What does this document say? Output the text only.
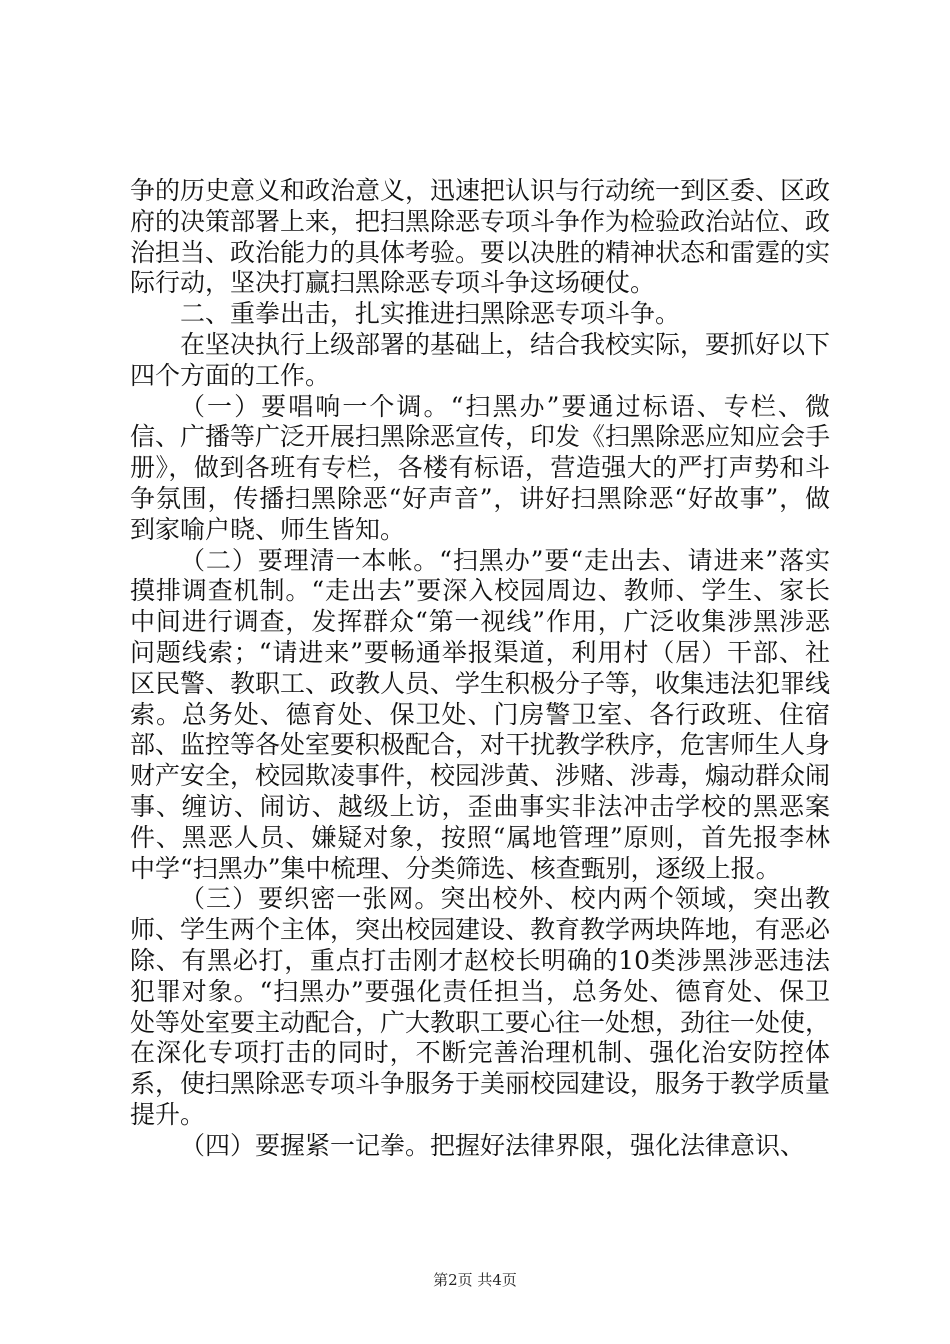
争的历史意义和政治意义，迅速把认识与行动统一到区委、区政府的决策部署上来，把扫黑除恶专项斗争作为检验政治站位、政治担当、政治能力的具体考验。要以决胜的精神状态和雷霆的实际行动，坚决打赢扫黑除恶专项斗争这场硬仗。

二、重拳出击，扎实推进扫黑除恶专项斗争。

在坚决执行上级部署的基础上，结合我校实际，要抓好以下四个方面的工作。

（一）要唱响一个调。“扫黑办”要通过标语、专栏、微信、广播等广泛开展扫黑除恶宣传，印发《扫黑除恶应知应会手册》，做到各班有专栏，各楼有标语，营造强大的严打声势和斗争氛围，传播扫黑除恶“好声音”，讲好扫黑除恶“好故事”，做到家喻户晓、师生皆知。

（二）要理清一本帐。“扫黑办”要“走出去、请进来”落实摸排调查机制。“走出去”要深入校园周边、教师、学生、家长中间进行调查，发挥群众“第一视线”作用，广泛收集涉黑涉恶问题线索；“请进来”要畅通举报渠道，利用村（居）干部、社区民警、教职工、政教人员、学生积极分子等，收集违法犯罪线索。总务处、德育处、保卫处、门房警卫室、各行政班、住宿部、监控等各处室要积极配合，对干扰教学秩序，危害师生人身财产安全，校园欺凌事件，校园涉黄、涉赌、涉毒，煽动群众闹事、缠访、闹访、越级上访，歪曲事实非法冲击学校的黑恶案件、黑恶人员、嫌疑对象，按照“属地管理”原则，首先报李林中学“扫黑办”集中梳理、分类筛选、核查甄别，逐级上报。

（三）要织密一张网。突出校外、校内两个领域，突出教师、学生两个主体，突出校园建设、教育教学两块阵地，有恶必除、有黑必打，重点打击刚才赵校长明确的10类涉黑涉恶违法犯罪对象。“扫黑办”要强化责任担当，总务处、德育处、保卫处等处室要主动配合，广大教职工要心往一处想，劲往一处使，在深化专项打击的同时，不断完善治理机制、强化治安防控体系，使扫黑除恶专项斗争服务于美丽校园建设，服务于教学质量提升。

（四）要握紧一记拳。把握好法律界限，强化法律意识、

第2页 共4页
